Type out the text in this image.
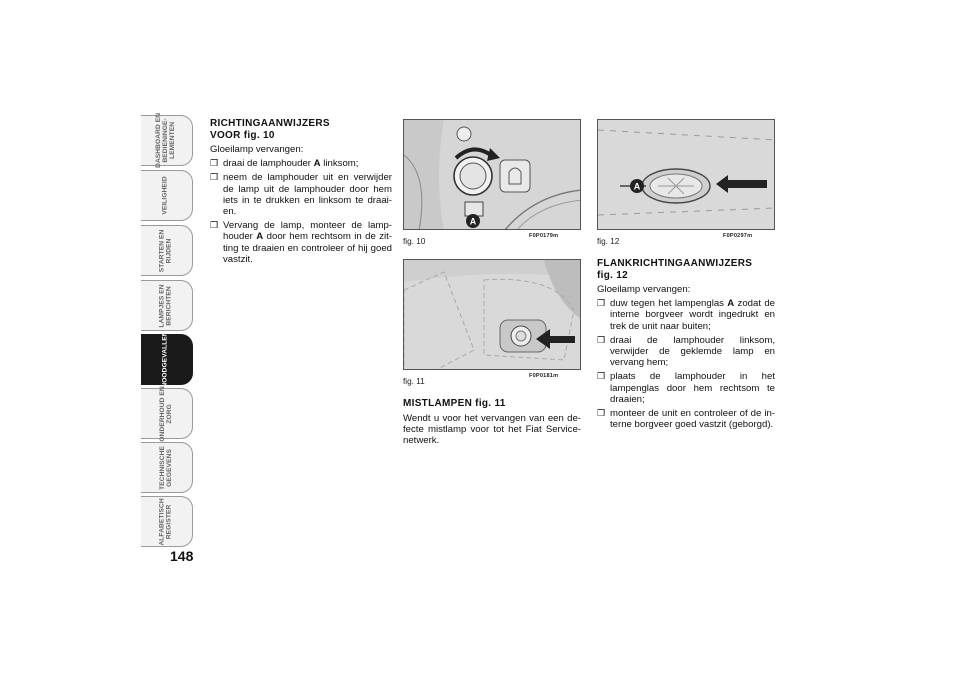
DASHBOARD EN
BEDIENINGE-
LEMENTEN
VEILIGHEID
STARTEN EN
RIJDEN
LAMPJES EN
BERICHTEN
NOODGEVALLEN
ONDERHOUD EN
ZORG
TECHNISCHE
GEGEVENS
ALFABETISCH
REGISTER
148
RICHTINGAANWIJZERS
VOOR fig. 10
Gloeilamp vervangen:
❒ draai de lamphouder A linksom;
❒ neem de lamphouder uit en verwijder de lamp uit de lamphouder door hem iets in te drukken en linksom te draai-en.
❒ Vervang de lamp, monteer de lamp-houder A door hem rechtsom in de zit-ting te draaien en controleer of hij goed vastzit.
A
fig. 10
F0P0179m
fig. 11
F0P0181m
A
fig. 12
F0P0297m
MISTLAMPEN fig. 11
Wendt u voor het vervangen van een de-fecte mistlamp voor tot het Fiat Service-netwerk.
FLANKRICHTINGAANWIJZERS
fig. 12
Gloeilamp vervangen:
❒ duw tegen het lampenglas A zodat de interne borgveer wordt ingedrukt en trek de unit naar buiten;
❒ draai de lamphouder linksom, verwijder de geklemde lamp en vervang hem;
❒ plaats de lamphouder in het lampenglas door hem rechtsom te draaien;
❒ monteer de unit en controleer of de in-terne borgveer goed vastzit (geborgd).
